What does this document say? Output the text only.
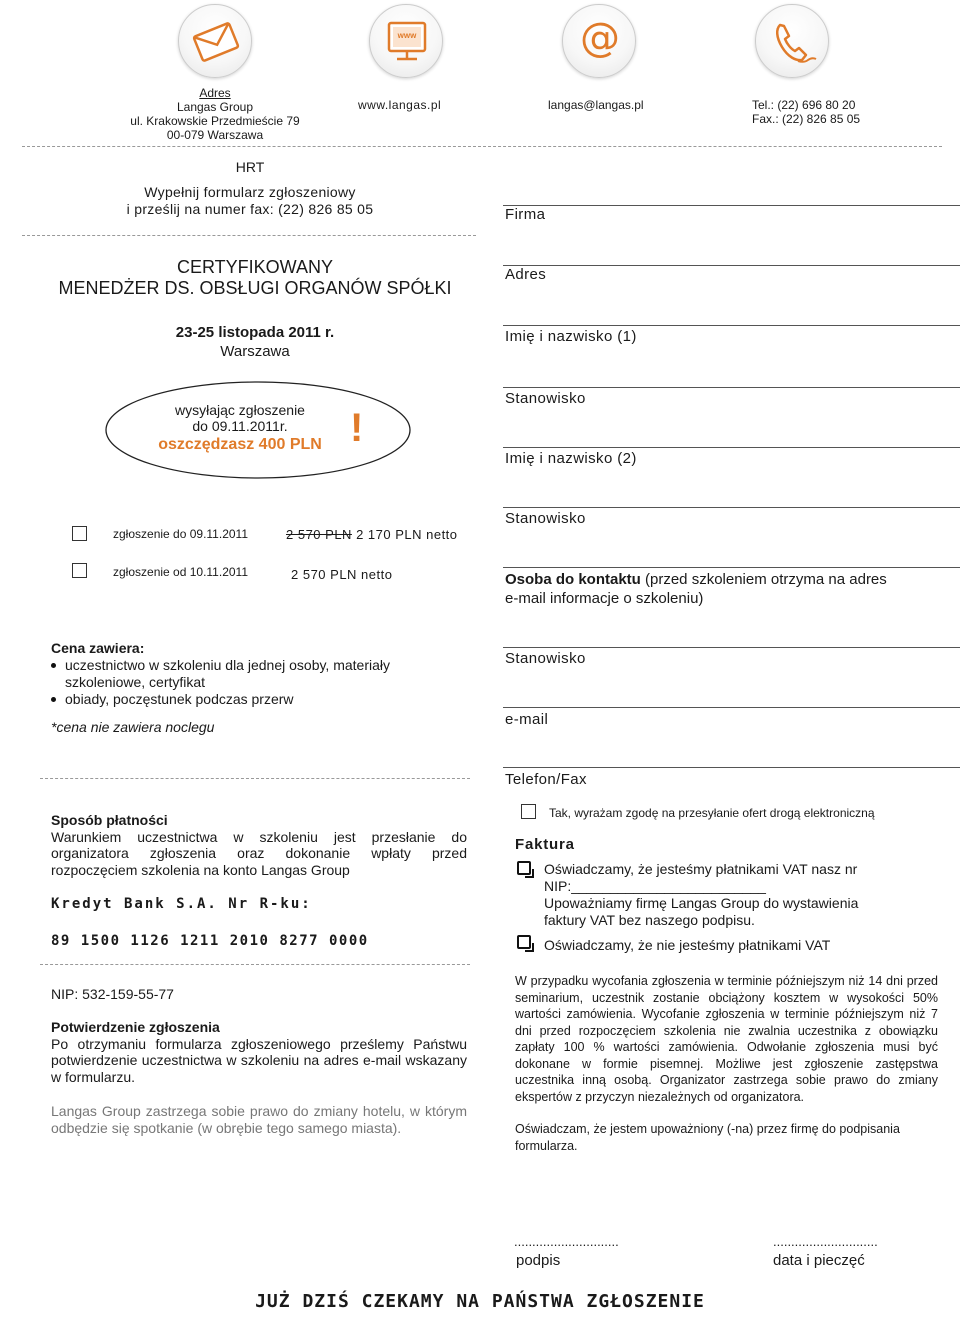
www	@
Adres
Langas Group
ul. Krakowskie Przedmieście 79
00-079 Warszawa
www.langas.pl	langas@langas.pl	Tel.: (22) 696 80 20
Fax.: (22) 826 85 05
HRT
Wypełnij formularz zgłoszeniowy
i prześlij na numer fax: (22) 826 85 05
CERTYFIKOWANY
MENEDŻER DS. OBSŁUGI ORGANÓW SPÓŁKI
23-25 listopada 2011 r.
Warszawa
wysyłając zgłoszenie
do 09.11.2011r.
oszczędzasz 400 PLN !
zgłoszenie do 09.11.2011	2 570 PLN 2 170 PLN netto
zgłoszenie od 10.11.2011	2 570 PLN netto
Cena zawiera:
uczestnictwo w szkoleniu dla jednej osoby, materiały
szkoleniowe, certyfikat
obiady, poczęstunek podczas przerw
*cena nie zawiera noclegu
Sposób płatności
Warunkiem uczestnictwa w szkoleniu jest przesłanie do organizatora zgłoszenia oraz dokonanie wpłaty przed rozpoczęciem szkolenia na konto Langas Group
Kredyt Bank S.A. Nr R-ku:
89 1500 1126 1211 2010 8277 0000
NIP: 532-159-55-77
Potwierdzenie zgłoszenia
Po otrzymaniu formularza zgłoszeniowego prześlemy Państwu potwierdzenie uczestnictwa w szkoleniu na adres e-mail wskazany w formularzu.
Langas Group zastrzega sobie prawo do zmiany hotelu, w którym odbędzie się spotkanie (w obrębie tego samego miasta).
Firma
Adres
Imię i nazwisko (1)
Stanowisko
Imię i nazwisko (2)
Stanowisko
Osoba do kontaktu (przed szkoleniem otrzyma na adres
e-mail informacje o szkoleniu)
Stanowisko
e-mail
Telefon/Fax
Tak, wyrażam zgodę na przesyłanie ofert drogą elektroniczną
Faktura
Oświadczamy, że jesteśmy płatnikami VAT nasz nr
NIP:_________________________
Upoważniamy firmę Langas Group do wystawienia
faktury VAT bez naszego podpisu.
Oświadczamy, że nie jesteśmy płatnikami VAT
W przypadku wycofania zgłoszenia w terminie późniejszym niż 14 dni przed seminarium, uczestnik zostanie obciążony kosztem w wysokości 50% wartości zamówienia. Wycofanie zgłoszenia w terminie późniejszym niż 7 dni przed rozpoczęciem szkolenia nie zwalnia uczestnika z obowiązku zapłaty 100 % wartości zamówienia. Odwołanie zgłoszenia musi być dokonane w formie pisemnej. Możliwe jest zgłoszenie zastępstwa uczestnika inną osobą. Organizator zastrzega sobie prawo do zmiany ekspertów z przyczyn niezależnych od organizatora.
Oświadczam, że jestem upoważniony (-na) przez firmę do podpisania formularza.
.............................
podpis
.............................
data i pieczęć
JUŻ DZIŚ CZEKAMY NA PAŃSTWA ZGŁOSZENIE
